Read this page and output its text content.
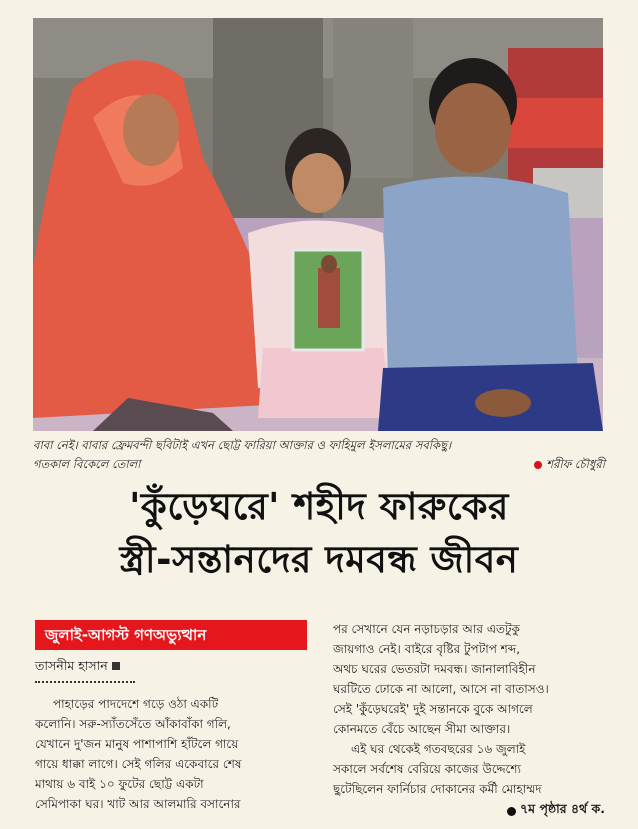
বাবা নেই। বাবার ফ্রেমবন্দী ছবিটাই এখন ছোট্ট ফারিয়া আক্তার ও ফাহিমুল ইসলামের সবকিছু।
গতকাল বিকেলে তোলা	শরীফ চৌধুরী
'কুঁড়েঘরে' শহীদ ফারুকের
স্ত্রী-সন্তানদের দমবন্ধ জীবন
জুলাই-আগস্ট গণঅভ্যুত্থান
তাসনীম হাসান
পাহাড়ের পাদদেশে গড়ে ওঠা একটি
কলোনি। সরু-স্যাঁতসেঁতে আঁকাবাঁকা গলি,
যেখানে দু'জন মানুষ পাশাপাশি হাঁটলে গায়ে
গায়ে ধাক্কা লাগে। সেই গলির একেবারে শেষ
মাথায় ৬ বাই ১০ ফুটের ছোট্ট একটা
সেমিপাকা ঘর। খাট আর আলমারি বসানোর
পর সেখানে যেন নড়াচড়ার আর এতটুকু
জায়গাও নেই। বাইরে বৃষ্টির টুপটাপ শব্দ,
অথচ ঘরের ভেতরটা দমবন্ধ। জানালাবিহীন
ঘরটিতে ঢোকে না আলো, আসে না বাতাসও।
সেই 'কুঁড়েঘরেই' দুই সন্তানকে বুকে আগলে
কোনমতে বেঁচে আছেন সীমা আক্তার।
এই ঘর থেকেই গতবছরের ১৬ জুলাই
সকালে সর্বশেষ বেরিয়ে কাজের উদ্দেশ্যে
ছুটেছিলেন ফার্নিচার দোকানের কর্মী মোহাম্মদ
৭ম পৃষ্ঠার ৪র্থ ক.
